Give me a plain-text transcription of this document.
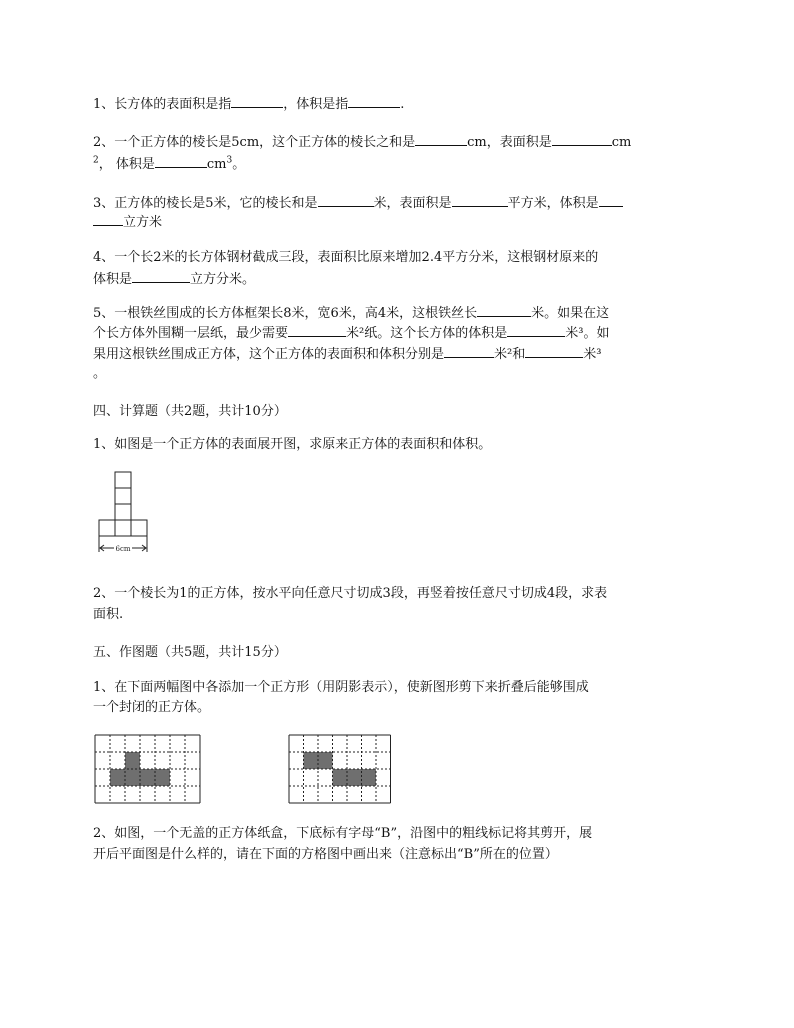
1、长方体的表面积是指	，体积是指	.
2、一个正方体的棱长是5cm，这个正方体的棱长之和是	cm，表面积是	cm
$^2$， 体积是	$cm^3$。
3、正方体的棱长是5米，它的棱长和是	米，表面积是	平方米，体积是
立方米
4、一个长2米的长方体钢材截成三段，表面积比原来增加2.4平方分米，这根钢材原来的
体积是	立方分米。
5、一根铁丝围成的长方体框架长8米，宽6米，高4米，这根铁丝长	米。如果在这
个长方体外围糊一层纸，最少需要	米²纸。这个长方体的体积是	米³。如
果用这根铁丝围成正方体，这个正方体的表面积和体积分别是	米²和	米³
。
四、计算题（共2题，共计10分）
1、如图是一个正方体的表面展开图，求原来正方体的表面积和体积。
6cm
2、一个棱长为1的正方体，按水平向任意尺寸切成3段，再竖着按任意尺寸切成4段，求表
面积.
五、作图题（共5题，共计15分）
1、在下面两幅图中各添加一个正方形（用阴影表示），使新图形剪下来折叠后能够围成
一个封闭的正方体。
2、如图，一个无盖的正方体纸盒，下底标有字母“B”，沿图中的粗线标记将其剪开，展
开后平面图是什么样的，请在下面的方格图中画出来（注意标出“B”所在的位置）
